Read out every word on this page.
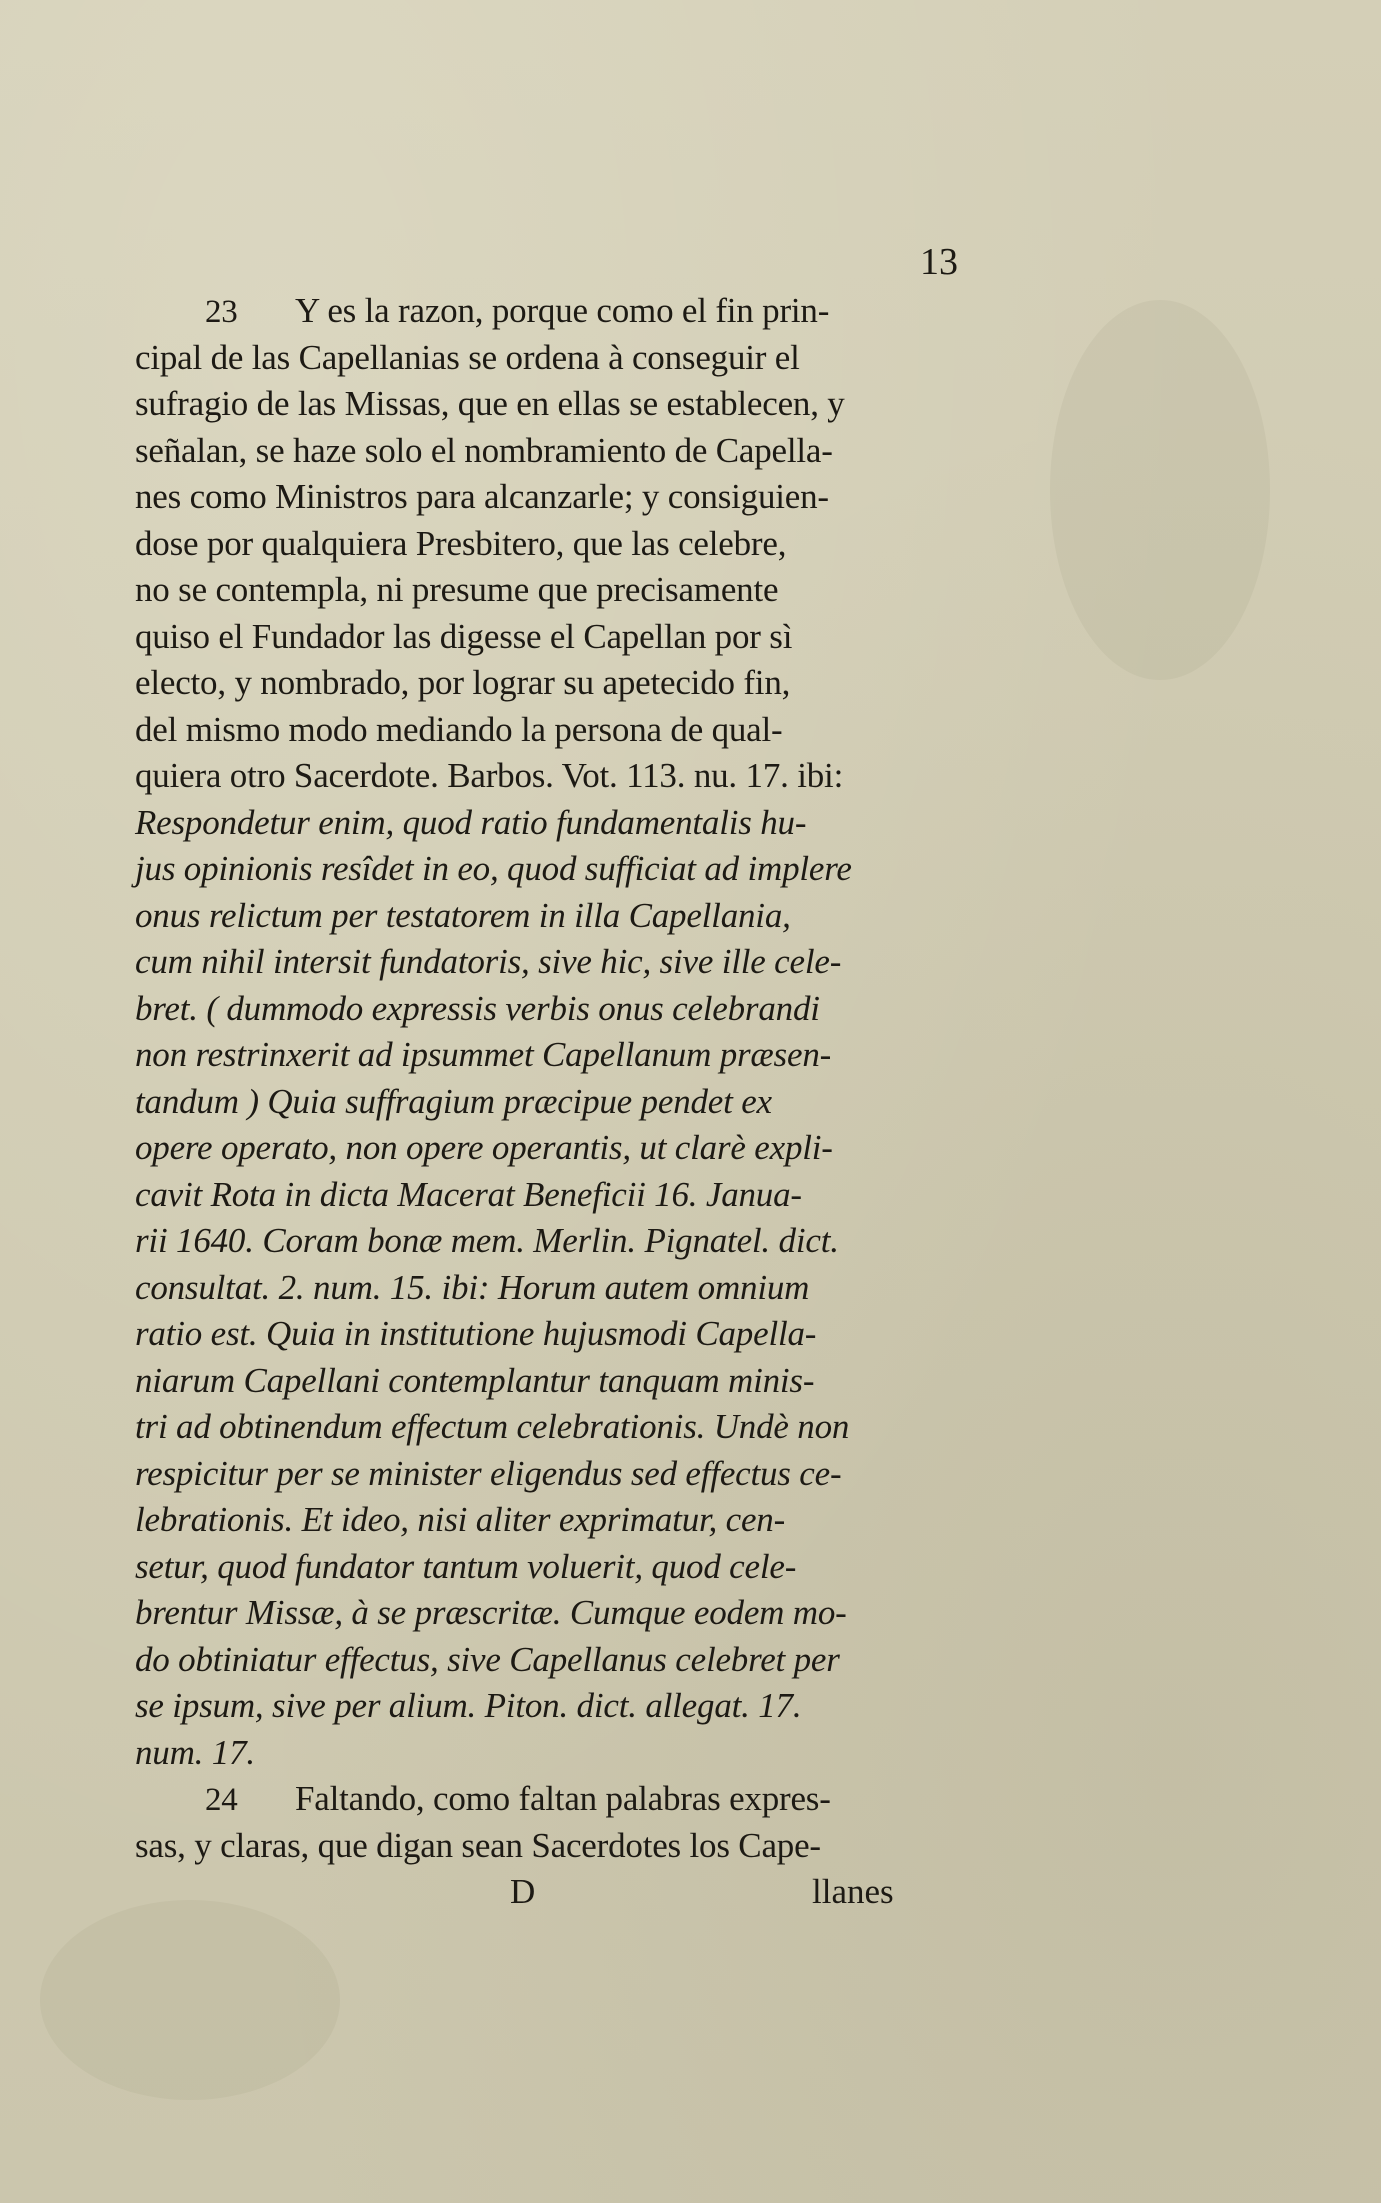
13
23 Y es la razon, porque como el fin prin-
cipal de las Capellanias se ordena à conseguir el
sufragio de las Missas, que en ellas se establecen, y
señalan, se haze solo el nombramiento de Capella-
nes como Ministros para alcanzarle; y consiguien-
dose por qualquiera Presbitero, que las celebre,
no se contempla, ni presume que precisamente
quiso el Fundador las digesse el Capellan por sì
electo, y nombrado, por lograr su apetecido fin,
del mismo modo mediando la persona de qual-
quiera otro Sacerdote. Barbos. Vot. 113. nu. 17. ibi:
Respondetur enim, quod ratio fundamentalis hu-
jus opinionis resîdet in eo, quod sufficiat ad implere
onus relictum per testatorem in illa Capellania,
cum nihil intersit fundatoris, sive hic, sive ille cele-
bret. ( dummodo expressis verbis onus celebrandi
non restrinxerit ad ipsummet Capellanum præsen-
tandum ) Quia suffragium præcipue pendet ex
opere operato, non opere operantis, ut clarè expli-
cavit Rota in dicta Macerat Beneficii 16. Janua-
rii 1640. Coram bonæ mem. Merlin. Pignatel. dict.
consultat. 2. num. 15. ibi: Horum autem omnium
ratio est. Quia in institutione hujusmodi Capella-
niarum Capellani contemplantur tanquam minis-
tri ad obtinendum effectum celebrationis. Undè non
respicitur per se minister eligendus sed effectus ce-
lebrationis. Et ideo, nisi aliter exprimatur, cen-
setur, quod fundator tantum voluerit, quod cele-
brentur Missæ, à se præscritæ. Cumque eodem mo-
do obtiniatur effectus, sive Capellanus celebret per
se ipsum, sive per alium. Piton. dict. allegat. 17.
num. 17.
24 Faltando, como faltan palabras expres-
sas, y claras, que digan sean Sacerdotes los Cape-
D	llanes
